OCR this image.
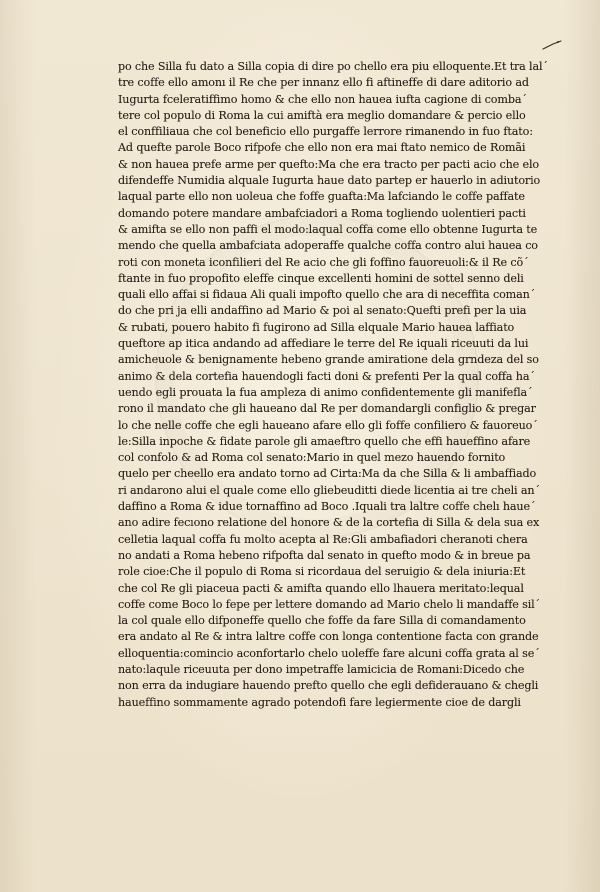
po che Silla fu dato a Silla copia di dire po chello era piu elloquente.Et tra lal´
tre coffe ello amonı il Re che per innanz ello fi aftineffe di dare aditorio ad
Iugurta fceleratiffimo homo & che ello non haueа iufta cagione di comba´
tere col populo di Roma la cui amiftà era meglio domandare & percio ello
el conffiliaua che col beneficio ello purgaffe lerrore rimanendo in fuo ftato:
Ad quefte parole Boco rifpofe che ello non era mai ftato nemico de Romãi
& non hauea prefe arme per quefto:Ma che era tracto per pacti acio che elo
difendeffe Numidia alquale Iugurta haue dato partep er hauerlo in adiutorio
laqual parte ello non uoleua che foffe guafta:Ma lafciando le coffe paffate
domando potere mandare ambafciadori a Roma togliendo uolentieri pacti
& amifta se ello non paffi el modo:laqual coffa come ello obtenne Iugurta te
mendo che quella ambafciata adoperaffe qualche coffa contro alui hauea co
roti con moneta iconfilieri del Re acio che gli foffino fauoreuoli:& il Re cõ´
ftante in fuo propofito eleffe cinque excellenti homini de sottel senno deli
quali ello affai si fidaua Ali quali impofto quello che ara di neceffita coman´
do che pri ja elli andaffino ad Mario & poi al senato:Quefti prefi per la uia
& rubati, pouero habito fi fugirono ad Silla elquale Mario hauea laffiato
queftore ap itica andando ad affediare le terre del Re iquali riceuuti da lui
amicheuole & benignamente hebeno grande amiratione dela grndeza del so
animo & dela cortefia hauendogli facti doni & prefenti Per la qual coffa ha´
uendo egli prouata la fua ampleza di animo confidentemente gli manifefla´
rono il mandato che gli haueano dal Re per domandargli configlio & pregar
lo che nelle coffe che egli haueano afare ello gli foffe confiliero & fauoreuo´
le:Silla inpoche & fidate parole gli amaeftro quello che effi haueffino afare
col confolo & ad Roma col senato:Mario in quel mezo hauendo fornito
quelo per cheello era andato torno ad Cirta:Ma da che Silla & li ambaffiado
ri andarono alui el quale come ello gliebeuditti diede licentia ai tre cheli an´
daffino a Roma & idue tornaffino ad Boco .Iquali tra laltre coffe chelı haue´
ano adire fecıono relatione del honore & de la cortefia di Silla & dela sua ex
celletia laqual coffa fu molto acepta al Re:Gli ambafiadori cheranoti chera
no andati a Roma hebeno rifpofta dal senato in quefto modo & in breue pa
role cioe:Che il populo di Roma si ricordaua del seruigio & dela iniuria:Et
che col Re gli piaceua pacti & amifta quando ello lhauera meritato:lequal
coffe come Boco lo fepe per lettere domando ad Mario chelo li mandaffe sil´
la col quale ello difponeffe quello che foffe da fare Silla di comandamento
era andato al Re & intra laltre coffe con longa contentione facta con grande
elloquentia:comincio aconfortarlo chelo uoleffe fare alcuni coffa grata al se´
nato:laqule riceuuta per dono impetraffe lamicicia de Romani:Dicedo che
non erra da indugiare hauendo prefto quello che egli defiderauano & chegli
haueffino sommamente agrado potendofi fare legiermente cioe de dargli
